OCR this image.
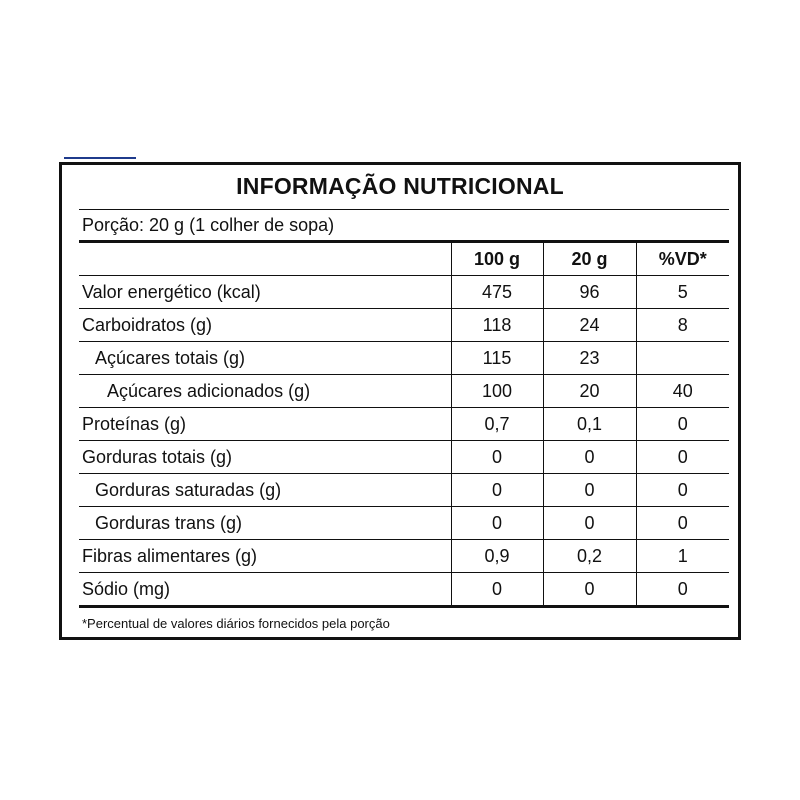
INFORMAÇÃO NUTRICIONAL
Porção: 20 g (1 colher de sopa)
	100 g	20 g	%VD*
Valor energético (kcal)	475	96	5
Carboidratos (g)	118	24	8
Açúcares totais (g)	115	23	
Açúcares adicionados (g)	100	20	40
Proteínas (g)	0,7	0,1	0
Gorduras totais (g)	0	0	0
Gorduras saturadas (g)	0	0	0
Gorduras trans (g)	0	0	0
Fibras alimentares (g)	0,9	0,2	1
Sódio (mg)	0	0	0
*Percentual de valores diários fornecidos pela porção
